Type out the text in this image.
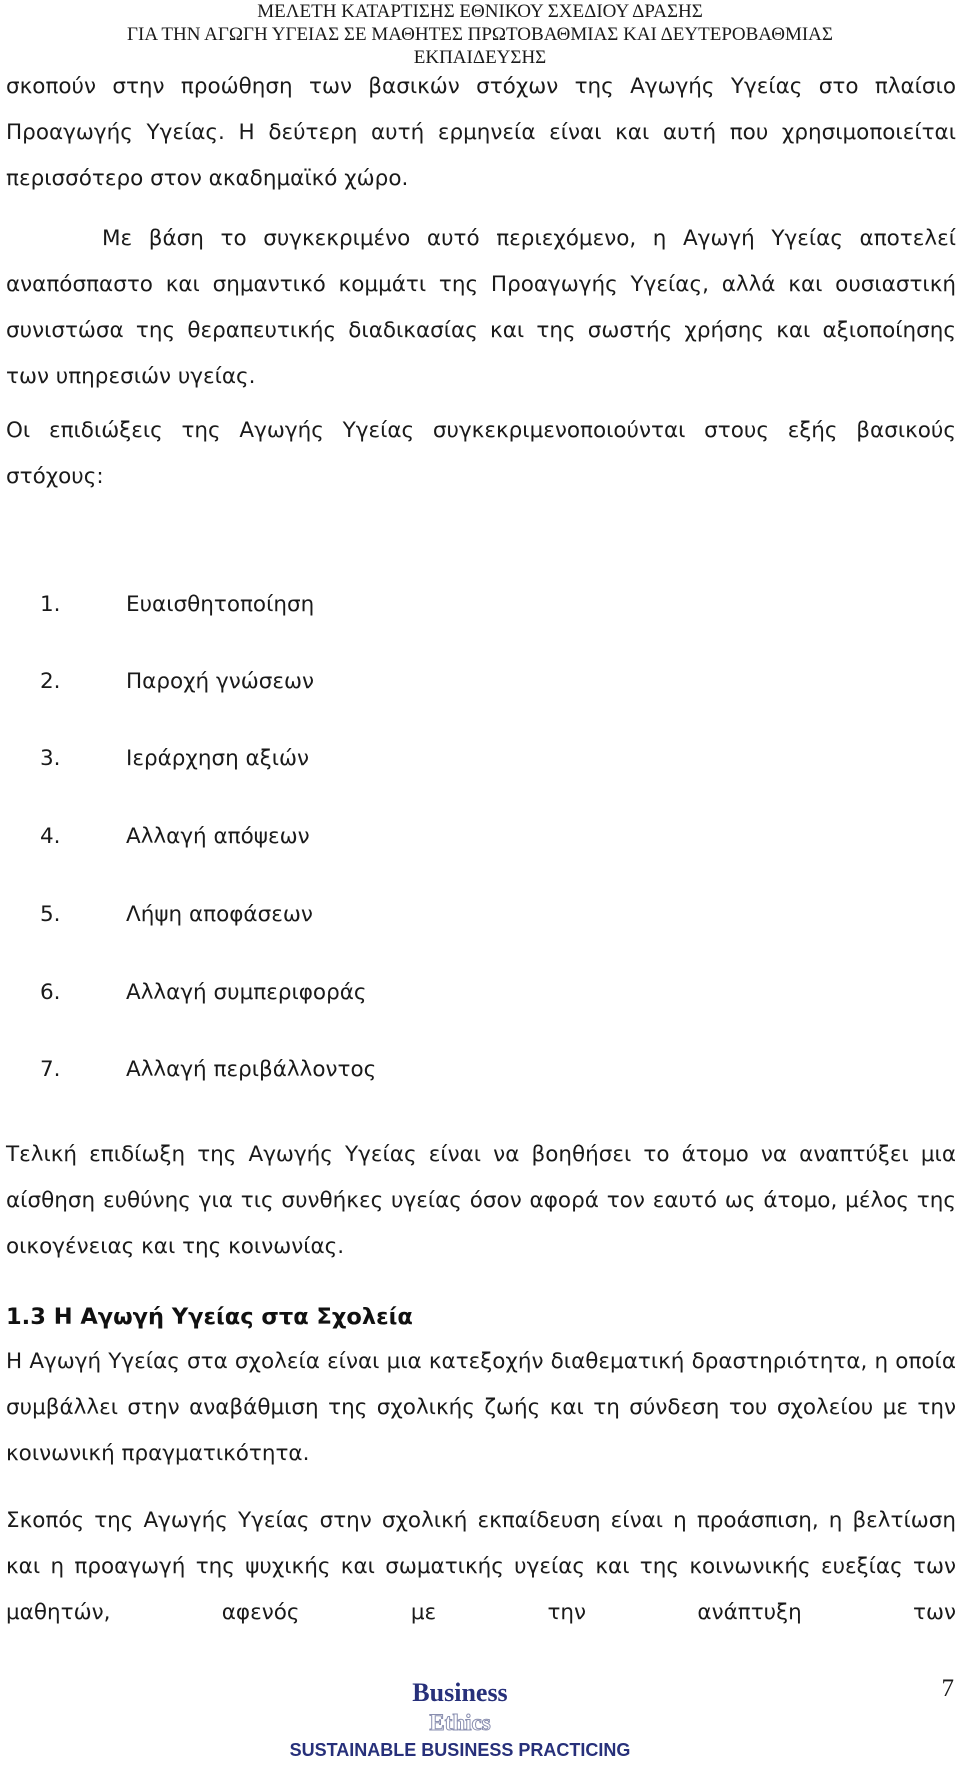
ΜΕΛΕΤΗ ΚΑΤΑΡΤΙΣΗΣ ΕΘΝΙΚΟΥ ΣΧΕΔΙΟΥ ΔΡΑΣΗΣ
ΓΙΑ ΤΗΝ ΑΓΩΓΗ ΥΓΕΙΑΣ ΣΕ ΜΑΘΗΤΕΣ ΠΡΩΤΟΒΑΘΜΙΑΣ ΚΑΙ ΔΕΥΤΕΡΟΒΑΘΜΙΑΣ
ΕΚΠΑΙΔΕΥΣΗΣ

σκοπούν στην προώθηση των βασικών στόχων της Αγωγής Υγείας στο πλαίσιο Προαγωγής Υγείας. Η δεύτερη αυτή ερμηνεία είναι και αυτή που χρησιμοποιείται περισσότερο στον ακαδημαϊκό χώρο.

Με βάση το συγκεκριμένο αυτό περιεχόμενο, η Αγωγή Υγείας αποτελεί αναπόσπαστο και σημαντικό κομμάτι της Προαγωγής Υγείας, αλλά και ουσιαστική συνιστώσα της θεραπευτικής διαδικασίας και της σωστής χρήσης και αξιοποίησης των υπηρεσιών υγείας.

Οι επιδιώξεις της Αγωγής Υγείας συγκεκριμενοποιούνται στους εξής βασικούς στόχους:

1.	Ευαισθητοποίηση
2.	Παροχή γνώσεων
3.	Ιεράρχηση αξιών
4.	Αλλαγή απόψεων
5.	Λήψη αποφάσεων
6.	Αλλαγή συμπεριφοράς
7.	Αλλαγή περιβάλλοντος

Τελική επιδίωξη της Αγωγής Υγείας είναι να βοηθήσει το άτομο να αναπτύξει μια αίσθηση ευθύνης για τις συνθήκες υγείας όσον αφορά τον εαυτό ως άτομο, μέλος της οικογένειας και της κοινωνίας.

1.3 Η Αγωγή Υγείας στα Σχολεία

Η Αγωγή Υγείας στα σχολεία είναι μια κατεξοχήν διαθεματική δραστηριότητα, η οποία συμβάλλει στην αναβάθμιση της σχολικής ζωής και τη σύνδεση του σχολείου με την κοινωνική πραγματικότητα.

Σκοπός της Αγωγής Υγείας στην σχολική εκπαίδευση είναι η προάσπιση, η βελτίωση και η προαγωγή της ψυχικής και σωματικής υγείας και της κοινωνικής ευεξίας των μαθητών, αφενός με την ανάπτυξη των

Business
Ethics
SUSTAINABLE BUSINESS PRACTICING
7
